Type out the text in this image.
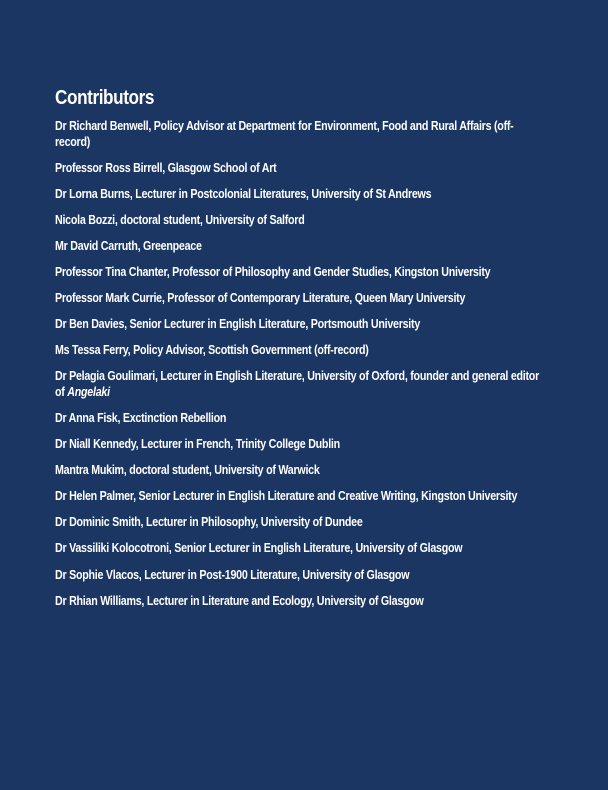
Contributors
Dr Richard Benwell, Policy Advisor at Department for Environment, Food and Rural Affairs (off-record)
Professor Ross Birrell, Glasgow School of Art
Dr Lorna Burns, Lecturer in Postcolonial Literatures, University of St Andrews
Nicola Bozzi, doctoral student, University of Salford
Mr David Carruth, Greenpeace
Professor Tina Chanter, Professor of Philosophy and Gender Studies, Kingston University
Professor Mark Currie, Professor of Contemporary Literature, Queen Mary University
Dr Ben Davies, Senior Lecturer in English Literature, Portsmouth University
Ms Tessa Ferry, Policy Advisor, Scottish Government (off-record)
Dr Pelagia Goulimari, Lecturer in English Literature, University of Oxford, founder and general editor of Angelaki
Dr Anna Fisk, Exctinction Rebellion
Dr Niall Kennedy, Lecturer in French, Trinity College Dublin
Mantra Mukim, doctoral student, University of Warwick
Dr Helen Palmer, Senior Lecturer in English Literature and Creative Writing, Kingston University
Dr Dominic Smith, Lecturer in Philosophy, University of Dundee
Dr Vassiliki Kolocotroni, Senior Lecturer in English Literature, University of Glasgow
Dr Sophie Vlacos, Lecturer in Post-1900 Literature, University of Glasgow
Dr Rhian Williams, Lecturer in Literature and Ecology, University of Glasgow
